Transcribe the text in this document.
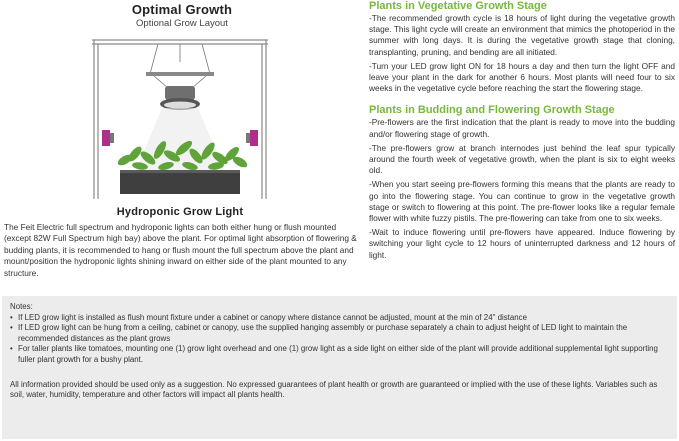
Optimal Growth
Optional Grow Layout
Hydroponic Grow Light
The Feit Electric full spectrum and hydroponic lights can both either hung or flush mounted (except 82W Full Spectrum high bay) above the plant. For optimal light absorption of flowering & budding plants, it is recommended to hang or flush mount the full spectrum above the plant and mount/position the hydroponic lights shining inward on either side of the plant mounted to any structure.
Plants in Vegetative Growth Stage
-The recommended growth cycle is 18 hours of light during the vegetative growth stage. This light cycle will create an environment that mimics the photoperiod in the summer with long days. It is during the vegetative growth stage that cloning, transplanting, pruning, and bending are all initiated.
-Turn your LED grow light ON for 18 hours a day and then turn the light OFF and leave your plant in the dark for another 6 hours. Most plants will need four to six weeks in the vegetative cycle before reaching the start the flowering stage.
Plants in Budding and Flowering Growth Stage
-Pre-flowers are the first indication that the plant is ready to move into the budding and/or flowering stage of growth.
-The pre-flowers grow at branch internodes just behind the leaf spur typically around the fourth week of vegetative growth, when the plant is six to eight weeks old.
-When you start seeing pre-flowers forming this means that the plants are ready to go into the flowering stage. You can continue to grow in the vegetative growth stage or switch to flowering at this point. The pre-flower looks like a regular female flower with white fuzzy pistils. The pre-flowering can take from one to six weeks.
-Wait to induce flowering until pre-flowers have appeared. Induce flowering by switching your light cycle to 12 hours of uninterrupted darkness and 12 hours of light.
Notes:
• If LED grow light is installed as flush mount fixture under a cabinet or canopy where distance cannot be adjusted, mount at the min of 24" distance
• If LED grow light can be hung from a ceiling, cabinet or canopy, use the supplied hanging assembly or purchase separately a chain to adjust height of LED light to maintain the recommended distances as the plant grows
• For taller plants like tomatoes, mounting one (1) grow light overhead and one (1) grow light as a side light on either side of the plant will provide additional supplemental light supporting fuller plant growth for a bushy plant.
All information provided should be used only as a suggestion. No expressed guarantees of plant health or growth are guaranteed or implied with the use of these lights. Variables such as soil, water, humidity, temperature and other factors will impact all plants health.
